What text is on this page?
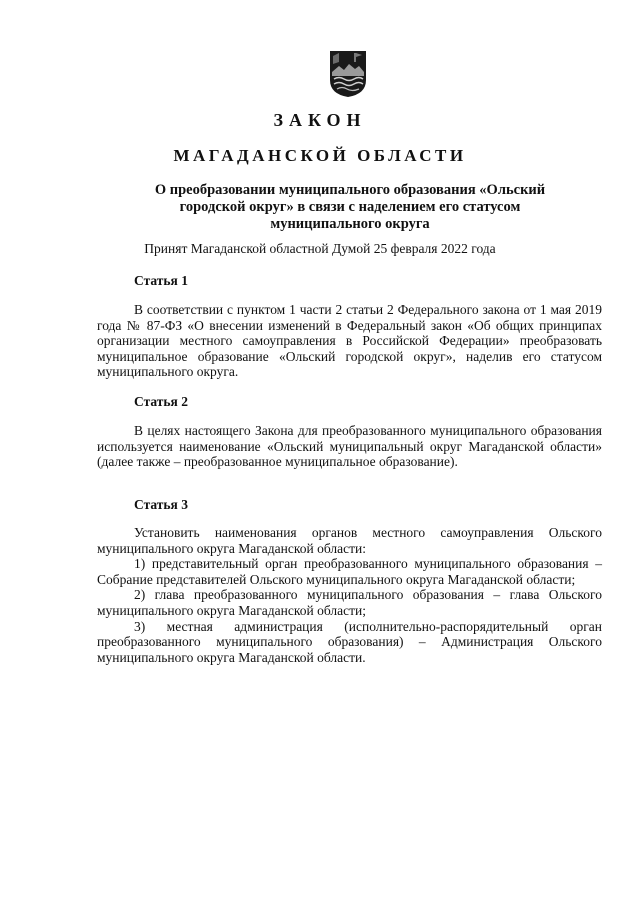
ЗАКОН
МАГАДАНСКОЙ ОБЛАСТИ
О преобразовании муниципального образования «Ольский городской округ» в связи с наделением его статусом муниципального округа
Принят Магаданской областной Думой 25 февраля 2022 года
Статья 1

В соответствии с пунктом 1 части 2 статьи 2 Федерального закона от 1 мая 2019 года № 87-ФЗ «О внесении изменений в Федеральный закон «Об общих принципах организации местного самоуправления в Российской Федерации» преобразовать муниципальное образование «Ольский городской округ», наделив его статусом муниципального округа.

Статья 2

В целях настоящего Закона для преобразованного муниципального образования используется наименование «Ольский муниципальный округ Магаданской области» (далее также – преобразованное муниципальное образование).

Статья 3

Установить наименования органов местного самоуправления Ольского муниципального округа Магаданской области:

1) представительный орган преобразованного муниципального образования – Собрание представителей Ольского муниципального округа Магаданской области;

2) глава преобразованного муниципального образования – глава Ольского муниципального округа Магаданской области;

3) местная администрация (исполнительно-распорядительный орган преобразованного муниципального образования) – Администрация Ольского муниципального округа Магаданской области.
